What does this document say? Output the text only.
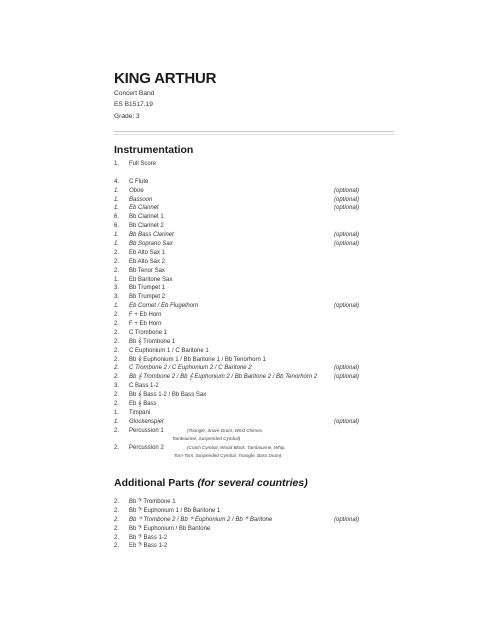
KING ARTHUR
Concert Band
ES B1517.19
Grade: 3
Instrumentation
1.	Full Score
4.	C Flute
1.	Oboe	(optional)
1.	Bassoon	(optional)
1.	Eb Clarinet	(optional)
6.	Bb Clarinet 1
6.	Bb Clarinet 2
1.	Bb Bass Clarinet	(optional)
1.	Bb Soprano Sax	(optional)
2.	Eb Alto Sax 1
2.	Eb Alto Sax 2
2.	Bb Tenor Sax
1.	Eb Baritone Sax
3.	Bb Trumpet 1
3.	Bb Trumpet 2
1.	Eb Cornet / Eb Flugelhorn	(optional)
2.	F + Eb Horn
2.	F + Eb Horn
2.	C Trombone 1
2.	Bb 𝄞 Trombone 1
2.	C Euphonium 1 / C Baritone 1
2.	Bb 𝄞 Euphonium 1 / Bb Baritone 1 / Bb Tenorhorn 1
2.	C Trombone 2 / C Euphonium 2 / C Baritone 2	(optional)
2.	Bb 𝄞 Trombone 2 / Bb 𝄞 Euphonium 2 / Bb Baritone 2 / Bb Tenorhorn 2	(optional)
3.	C Bass 1-2
2.	Bb 𝄞 Bass 1-2 / Bb Bass Sax
2.	Eb 𝄞 Bass
1.	Timpani
1.	Glockenspiel	(optional)
2.	Percussion 1	(Triangle, Snare Drum, Wind Chimes,
Tambourine, Suspended Cymbal)
2.	Percussion 2	(Crash Cymbal, Wood Block, Tambourine, Whip,
Tom-Tom, Suspended Cymbal, Triangle, Bass Drum)
Additional Parts (for several countries)
2.	Bb 𝄢 Trombone 1
2.	Bb 𝄢 Euphonium 1 / Bb Baritone 1
2.	Bb 𝄢 Trombone 2 / Bb 𝄢 Euphonium 2 / Bb 𝄢 Baritone	(optional)
2.	Bb 𝄢 Euphonium / Bb Baritone
2.	Bb 𝄢 Bass 1-2
2.	Eb 𝄢 Bass 1-2
